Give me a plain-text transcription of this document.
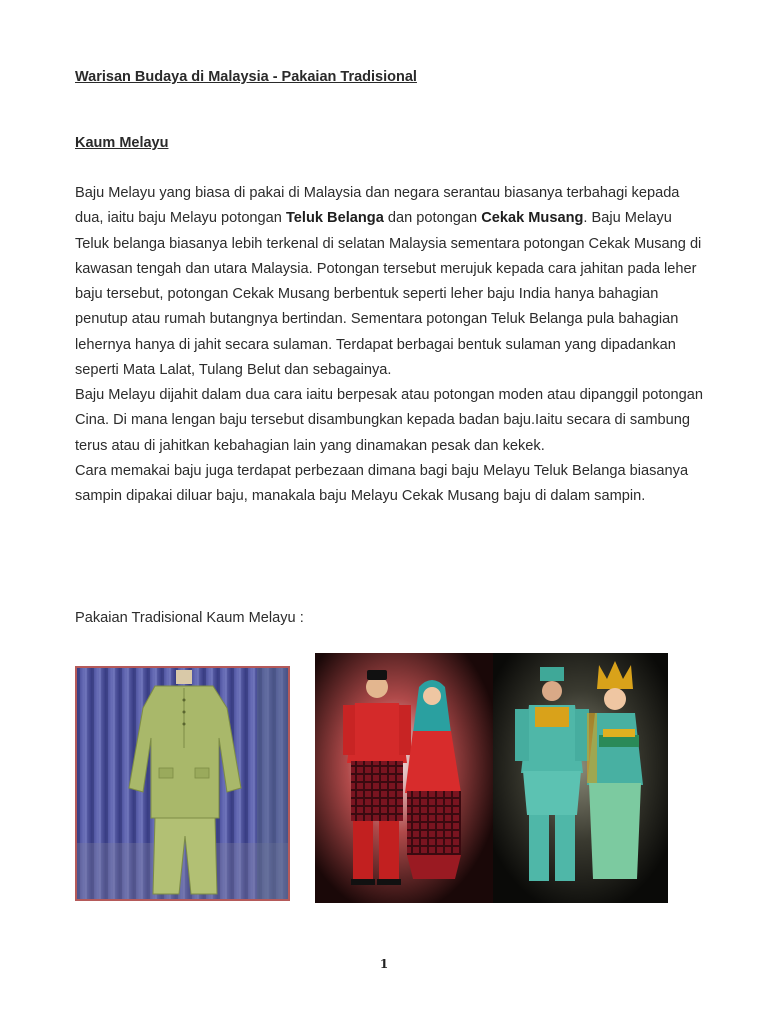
Warisan Budaya di Malaysia - Pakaian Tradisional
Kaum Melayu

Baju Melayu yang biasa di pakai di Malaysia dan negara serantau biasanya terbahagi kepada dua, iaitu baju Melayu potongan Teluk Belanga dan potongan Cekak Musang. Baju Melayu Teluk belanga biasanya lebih terkenal di selatan Malaysia sementara potongan Cekak Musang di kawasan tengah dan utara Malaysia. Potongan tersebut merujuk kepada cara jahitan pada leher baju tersebut, potongan Cekak Musang berbentuk seperti leher baju India hanya bahagian penutup atau rumah butangnya bertindan. Sementara potongan Teluk Belanga pula bahagian lehernya hanya di jahit secara sulaman. Terdapat berbagai bentuk sulaman yang dipadankan seperti Mata Lalat, Tulang Belut dan sebagainya.

Baju Melayu dijahit dalam dua cara iaitu berpesak atau potongan moden atau dipanggil potongan Cina. Di mana lengan baju tersebut disambungkan kepada badan baju.Iaitu secara di sambung terus atau di jahitkan kebahagian lain yang dinamakan pesak dan kekek.

Cara memakai baju juga terdapat perbezaan dimana bagi baju Melayu Teluk Belanga biasanya sampin dipakai diluar baju, manakala baju Melayu Cekak Musang baju di dalam sampin.

Pakaian Tradisional Kaum Melayu :
1
